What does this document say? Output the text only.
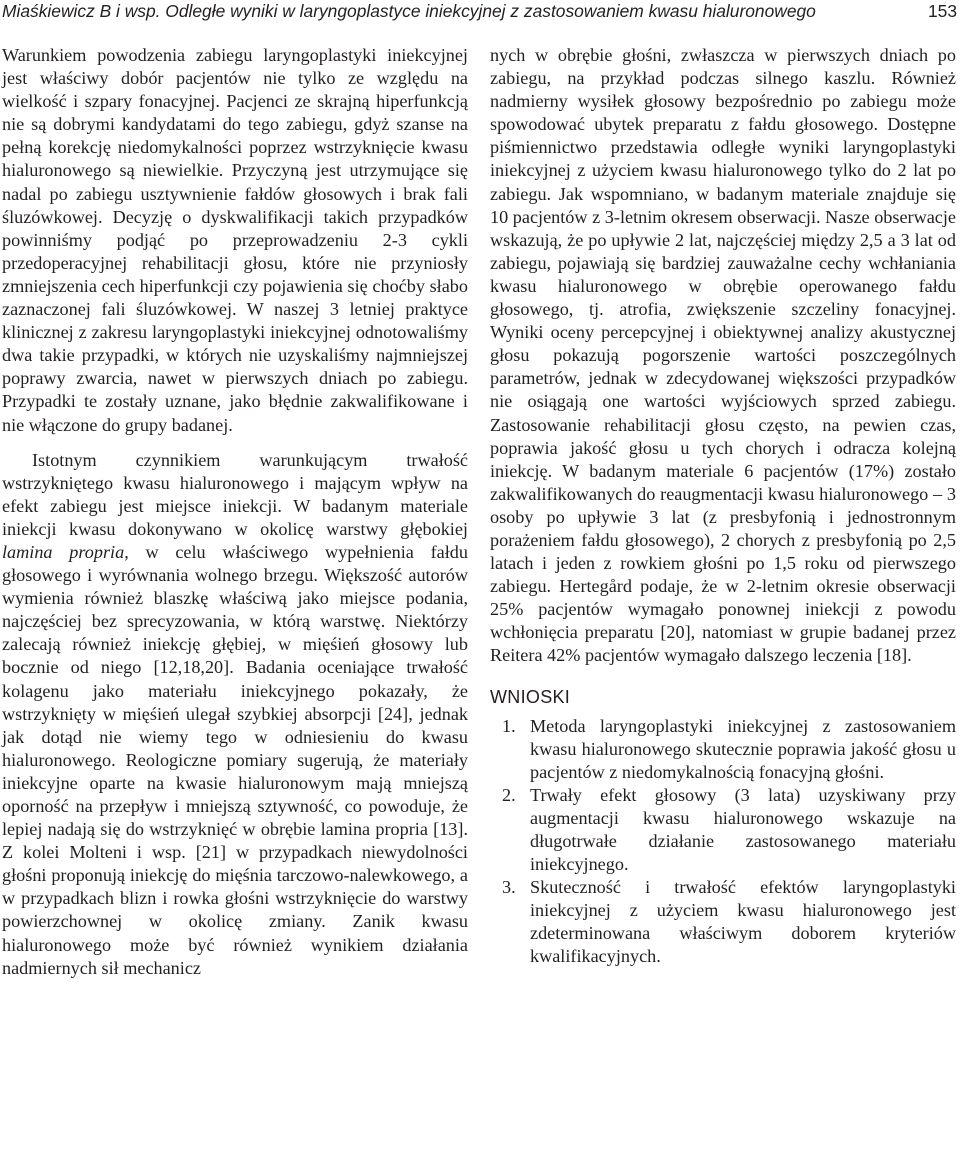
Miaśkiewicz B i wsp. Odległe wyniki w laryngoplastyce iniekcyjnej z zastosowaniem kwasu hialuronowego	153

Warunkiem powodzenia zabiegu laryngoplastyki iniekcyjnej jest właściwy dobór pacjentów nie tylko ze względu na wielkość i szpary fonacyjnej. Pacjenci ze skrajną hiperfunkcją nie są dobrymi kandydatami do tego zabiegu, gdyż szanse na pełną korekcję niedomykalności poprzez wstrzyknięcie kwasu hialuronowego są niewielkie. Przyczyną jest utrzymujące się nadal po zabiegu usztywnienie fałdów głosowych i brak fali śluzówkowej. Decyzję o dyskwalifikacji takich przypadków powinniśmy podjąć po przeprowadzeniu 2-3 cykli przedoperacyjnej rehabilitacji głosu, które nie przyniosły zmniejszenia cech hiperfunkcji czy pojawienia się choćby słabo zaznaczonej fali śluzówkowej. W naszej 3 letniej praktyce klinicznej z zakresu laryngoplastyki iniekcyjnej odnotowaliśmy dwa takie przypadki, w których nie uzyskaliśmy najmniejszej poprawy zwarcia, nawet w pierwszych dniach po zabiegu. Przypadki te zostały uznane, jako błędnie zakwalifikowane i nie włączone do grupy badanej.

Istotnym czynnikiem warunkującym trwałość wstrzykniętego kwasu hialuronowego i mającym wpływ na efekt zabiegu jest miejsce iniekcji. W badanym materiale iniekcji kwasu dokonywano w okolicę warstwy głębokiej lamina propria, w celu właściwego wypełnienia fałdu głosowego i wyrównania wolnego brzegu. Większość autorów wymienia również blaszkę właściwą jako miejsce podania, najczęściej bez sprecyzowania, w którą warstwę. Niektórzy zalecają również iniekcję głębiej, w mięśień głosowy lub bocznie od niego [12,18,20]. Badania oceniające trwałość kolagenu jako materiału iniekcyjnego pokazały, że wstrzyknięty w mięśień ulegał szybkiej absorpcji [24], jednak jak dotąd nie wiemy tego w odniesieniu do kwasu hialuronowego. Reologiczne pomiary sugerują, że materiały iniekcyjne oparte na kwasie hialuronowym mają mniejszą oporność na przepływ i mniejszą sztywność, co powoduje, że lepiej nadają się do wstrzyknięć w obrębie lamina propria [13]. Z kolei Molteni i wsp. [21] w przypadkach niewydolności głośni proponują iniekcję do mięśnia tarczowo-nalewkowego, a w przypadkach blizn i rowka głośni wstrzyknięcie do warstwy powierzchownej w okolicę zmiany. Zanik kwasu hialuronowego może być również wynikiem działania nadmiernych sił mechanicz

nych w obrębie głośni, zwłaszcza w pierwszych dniach po zabiegu, na przykład podczas silnego kaszlu. Również nadmierny wysiłek głosowy bezpośrednio po zabiegu może spowodować ubytek preparatu z fałdu głosowego. Dostępne piśmiennictwo przedstawia odległe wyniki laryngoplastyki iniekcyjnej z użyciem kwasu hialuronowego tylko do 2 lat po zabiegu. Jak wspomniano, w badanym materiale znajduje się 10 pacjentów z 3-letnim okresem obserwacji. Nasze obserwacje wskazują, że po upływie 2 lat, najczęściej między 2,5 a 3 lat od zabiegu, pojawiają się bardziej zauważalne cechy wchłaniania kwasu hialuronowego w obrębie operowanego fałdu głosowego, tj. atrofia, zwiększenie szczeliny fonacyjnej. Wyniki oceny percepcyjnej i obiektywnej analizy akustycznej głosu pokazują pogorszenie wartości poszczególnych parametrów, jednak w zdecydowanej większości przypadków nie osiągają one wartości wyjściowych sprzed zabiegu. Zastosowanie rehabilitacji głosu często, na pewien czas, poprawia jakość głosu u tych chorych i odracza kolejną iniekcję. W badanym materiale 6 pacjentów (17%) zostało zakwalifikowanych do reaugmentacji kwasu hialuronowego – 3 osoby po upływie 3 lat (z presbyfonią i jednostronnym porażeniem fałdu głosowego), 2 chorych z presbyfonią po 2,5 latach i jeden z rowkiem głośni po 1,5 roku od pierwszego zabiegu. Hertegård podaje, że w 2-letnim okresie obserwacji 25% pacjentów wymagało ponownej iniekcji z powodu wchłonięcia preparatu [20], natomiast w grupie badanej przez Reitera 42% pacjentów wymagało dalszego leczenia [18].

WNIOSKI
1. Metoda laryngoplastyki iniekcyjnej z zastosowaniem kwasu hialuronowego skutecznie poprawia jakość głosu u pacjentów z niedomykalnością fonacyjną głośni.
2. Trwały efekt głosowy (3 lata) uzyskiwany przy augmentacji kwasu hialuronowego wskazuje na długotrwałe działanie zastosowanego materiału iniekcyjnego.
3. Skuteczność i trwałość efektów laryngoplastyki iniekcyjnej z użyciem kwasu hialuronowego jest zdeterminowana właściwym doborem kryteriów kwalifikacyjnych.
